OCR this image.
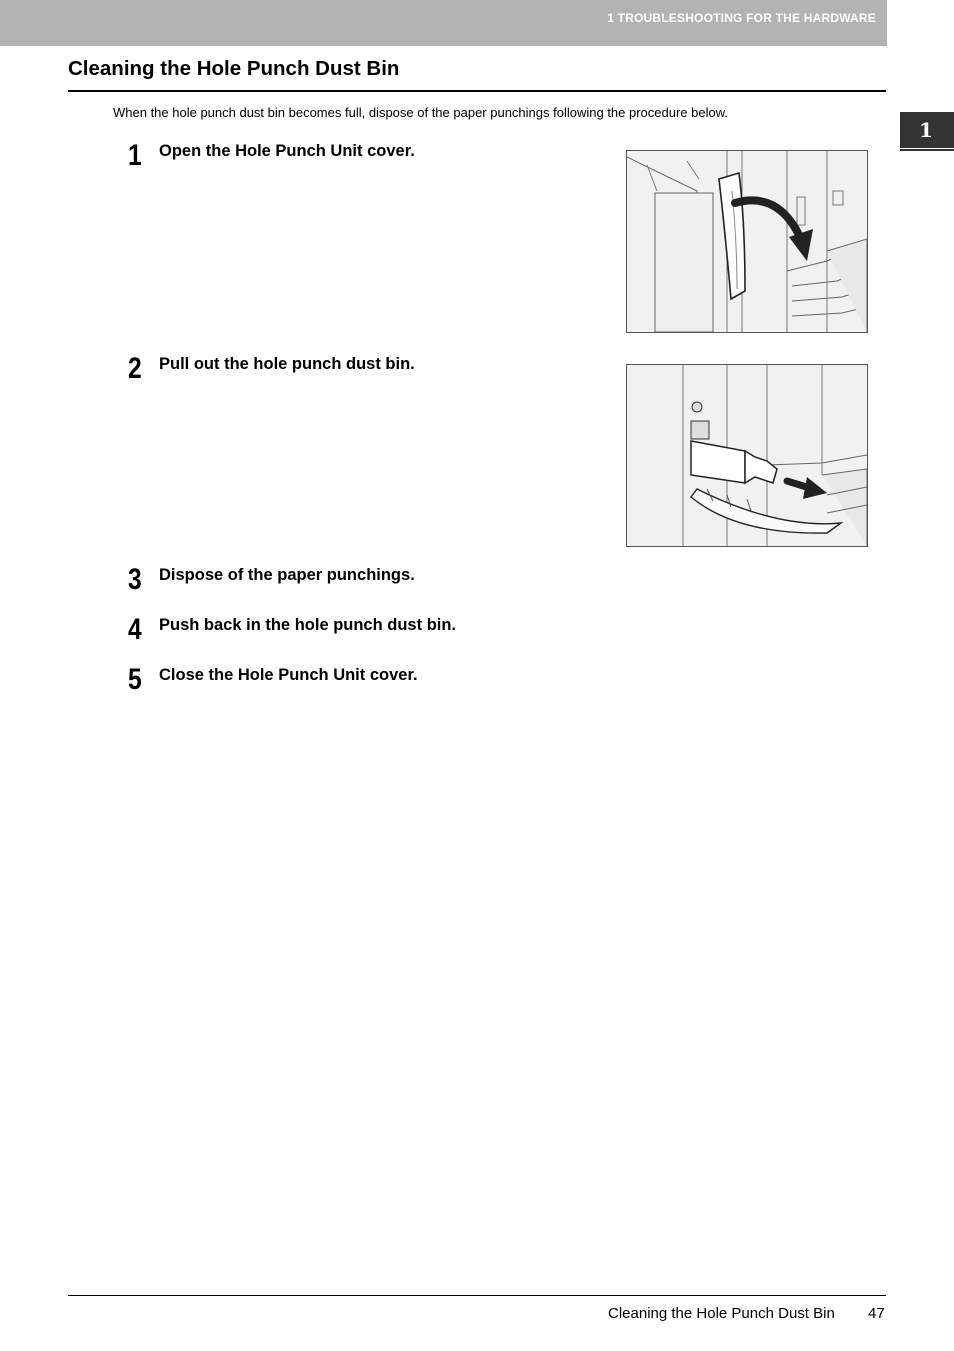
1 TROUBLESHOOTING FOR THE HARDWARE
1
Cleaning the Hole Punch Dust Bin
When the hole punch dust bin becomes full, dispose of the paper punchings following the procedure below.
1 Open the Hole Punch Unit cover.
2 Pull out the hole punch dust bin.
3 Dispose of the paper punchings.
4 Push back in the hole punch dust bin.
5 Close the Hole Punch Unit cover.
Cleaning the Hole Punch Dust Bin 47
